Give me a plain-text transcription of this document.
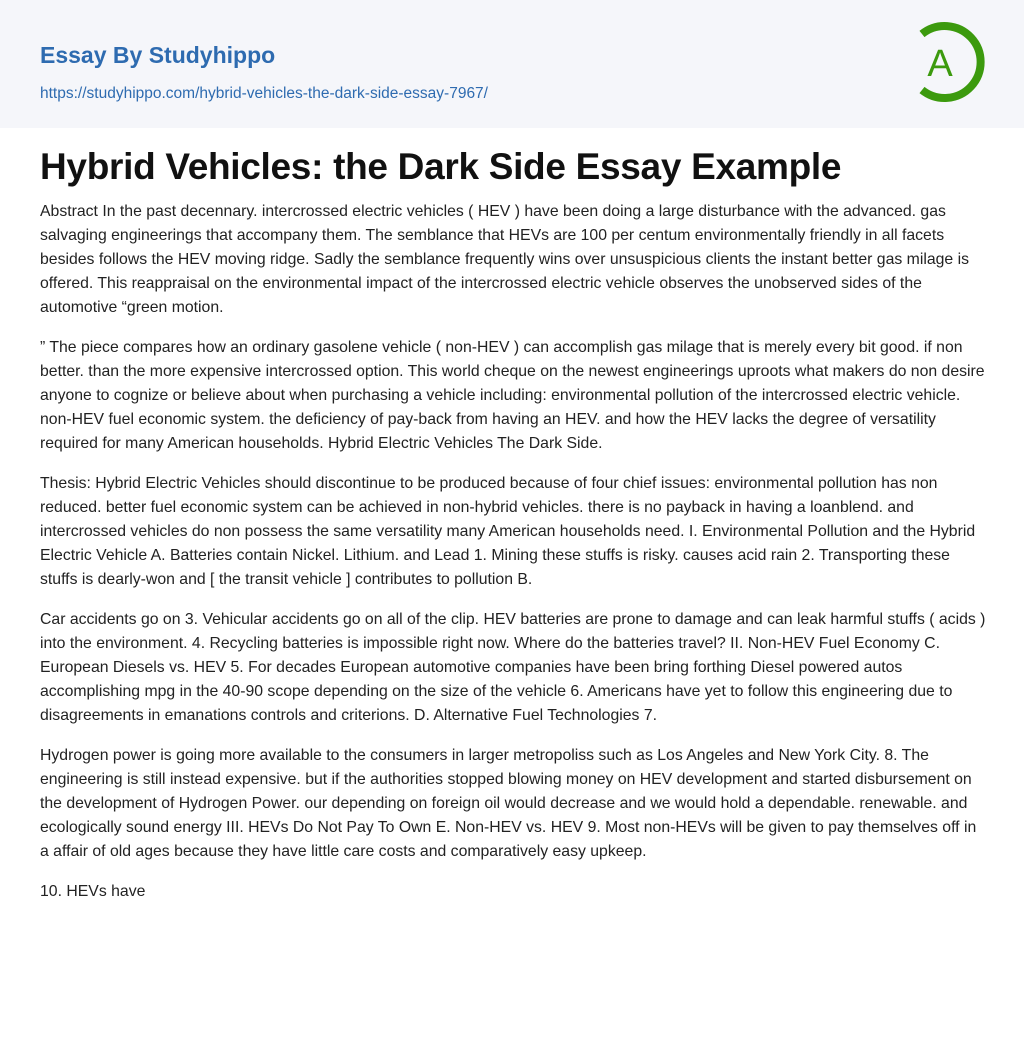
Essay By Studyhippo

https://studyhippo.com/hybrid-vehicles-the-dark-side-essay-7967/
A
Hybrid Vehicles: the Dark Side Essay Example

Abstract In the past decennary. intercrossed electric vehicles ( HEV ) have been doing a large disturbance with the advanced. gas salvaging engineerings that accompany them. The semblance that HEVs are 100 per centum environmentally friendly in all facets besides follows the HEV moving ridge. Sadly the semblance frequently wins over unsuspicious clients the instant better gas milage is offered. This reappraisal on the environmental impact of the intercrossed electric vehicle observes the unobserved sides of the automotive “green motion.

” The piece compares how an ordinary gasolene vehicle ( non-HEV ) can accomplish gas milage that is merely every bit good. if non better. than the more expensive intercrossed option. This world cheque on the newest engineerings uproots what makers do non desire anyone to cognize or believe about when purchasing a vehicle including: environmental pollution of the intercrossed electric vehicle. non-HEV fuel economic system. the deficiency of pay-back from having an HEV. and how the HEV lacks the degree of versatility required for many American households. Hybrid Electric Vehicles The Dark Side.

Thesis: Hybrid Electric Vehicles should discontinue to be produced because of four chief issues: environmental pollution has non reduced. better fuel economic system can be achieved in non-hybrid vehicles. there is no payback in having a loanblend. and intercrossed vehicles do non possess the same versatility many American households need. I. Environmental Pollution and the Hybrid Electric Vehicle A. Batteries contain Nickel. Lithium. and Lead 1. Mining these stuffs is risky. causes acid rain 2. Transporting these stuffs is dearly-won and [ the transit vehicle ] contributes to pollution B.

Car accidents go on 3. Vehicular accidents go on all of the clip. HEV batteries are prone to damage and can leak harmful stuffs ( acids ) into the environment. 4. Recycling batteries is impossible right now. Where do the batteries travel? II. Non-HEV Fuel Economy C. European Diesels vs. HEV 5. For decades European automotive companies have been bring forthing Diesel powered autos accomplishing mpg in the 40-90 scope depending on the size of the vehicle 6. Americans have yet to follow this engineering due to disagreements in emanations controls and criterions. D. Alternative Fuel Technologies 7.

Hydrogen power is going more available to the consumers in larger metropoliss such as Los Angeles and New York City. 8. The engineering is still instead expensive. but if the authorities stopped blowing money on HEV development and started disbursement on the development of Hydrogen Power. our depending on foreign oil would decrease and we would hold a dependable. renewable. and ecologically sound energy III. HEVs Do Not Pay To Own E. Non-HEV vs. HEV 9. Most non-HEVs will be given to pay themselves off in a affair of old ages because they have little care costs and comparatively easy upkeep.

10. HEVs have
